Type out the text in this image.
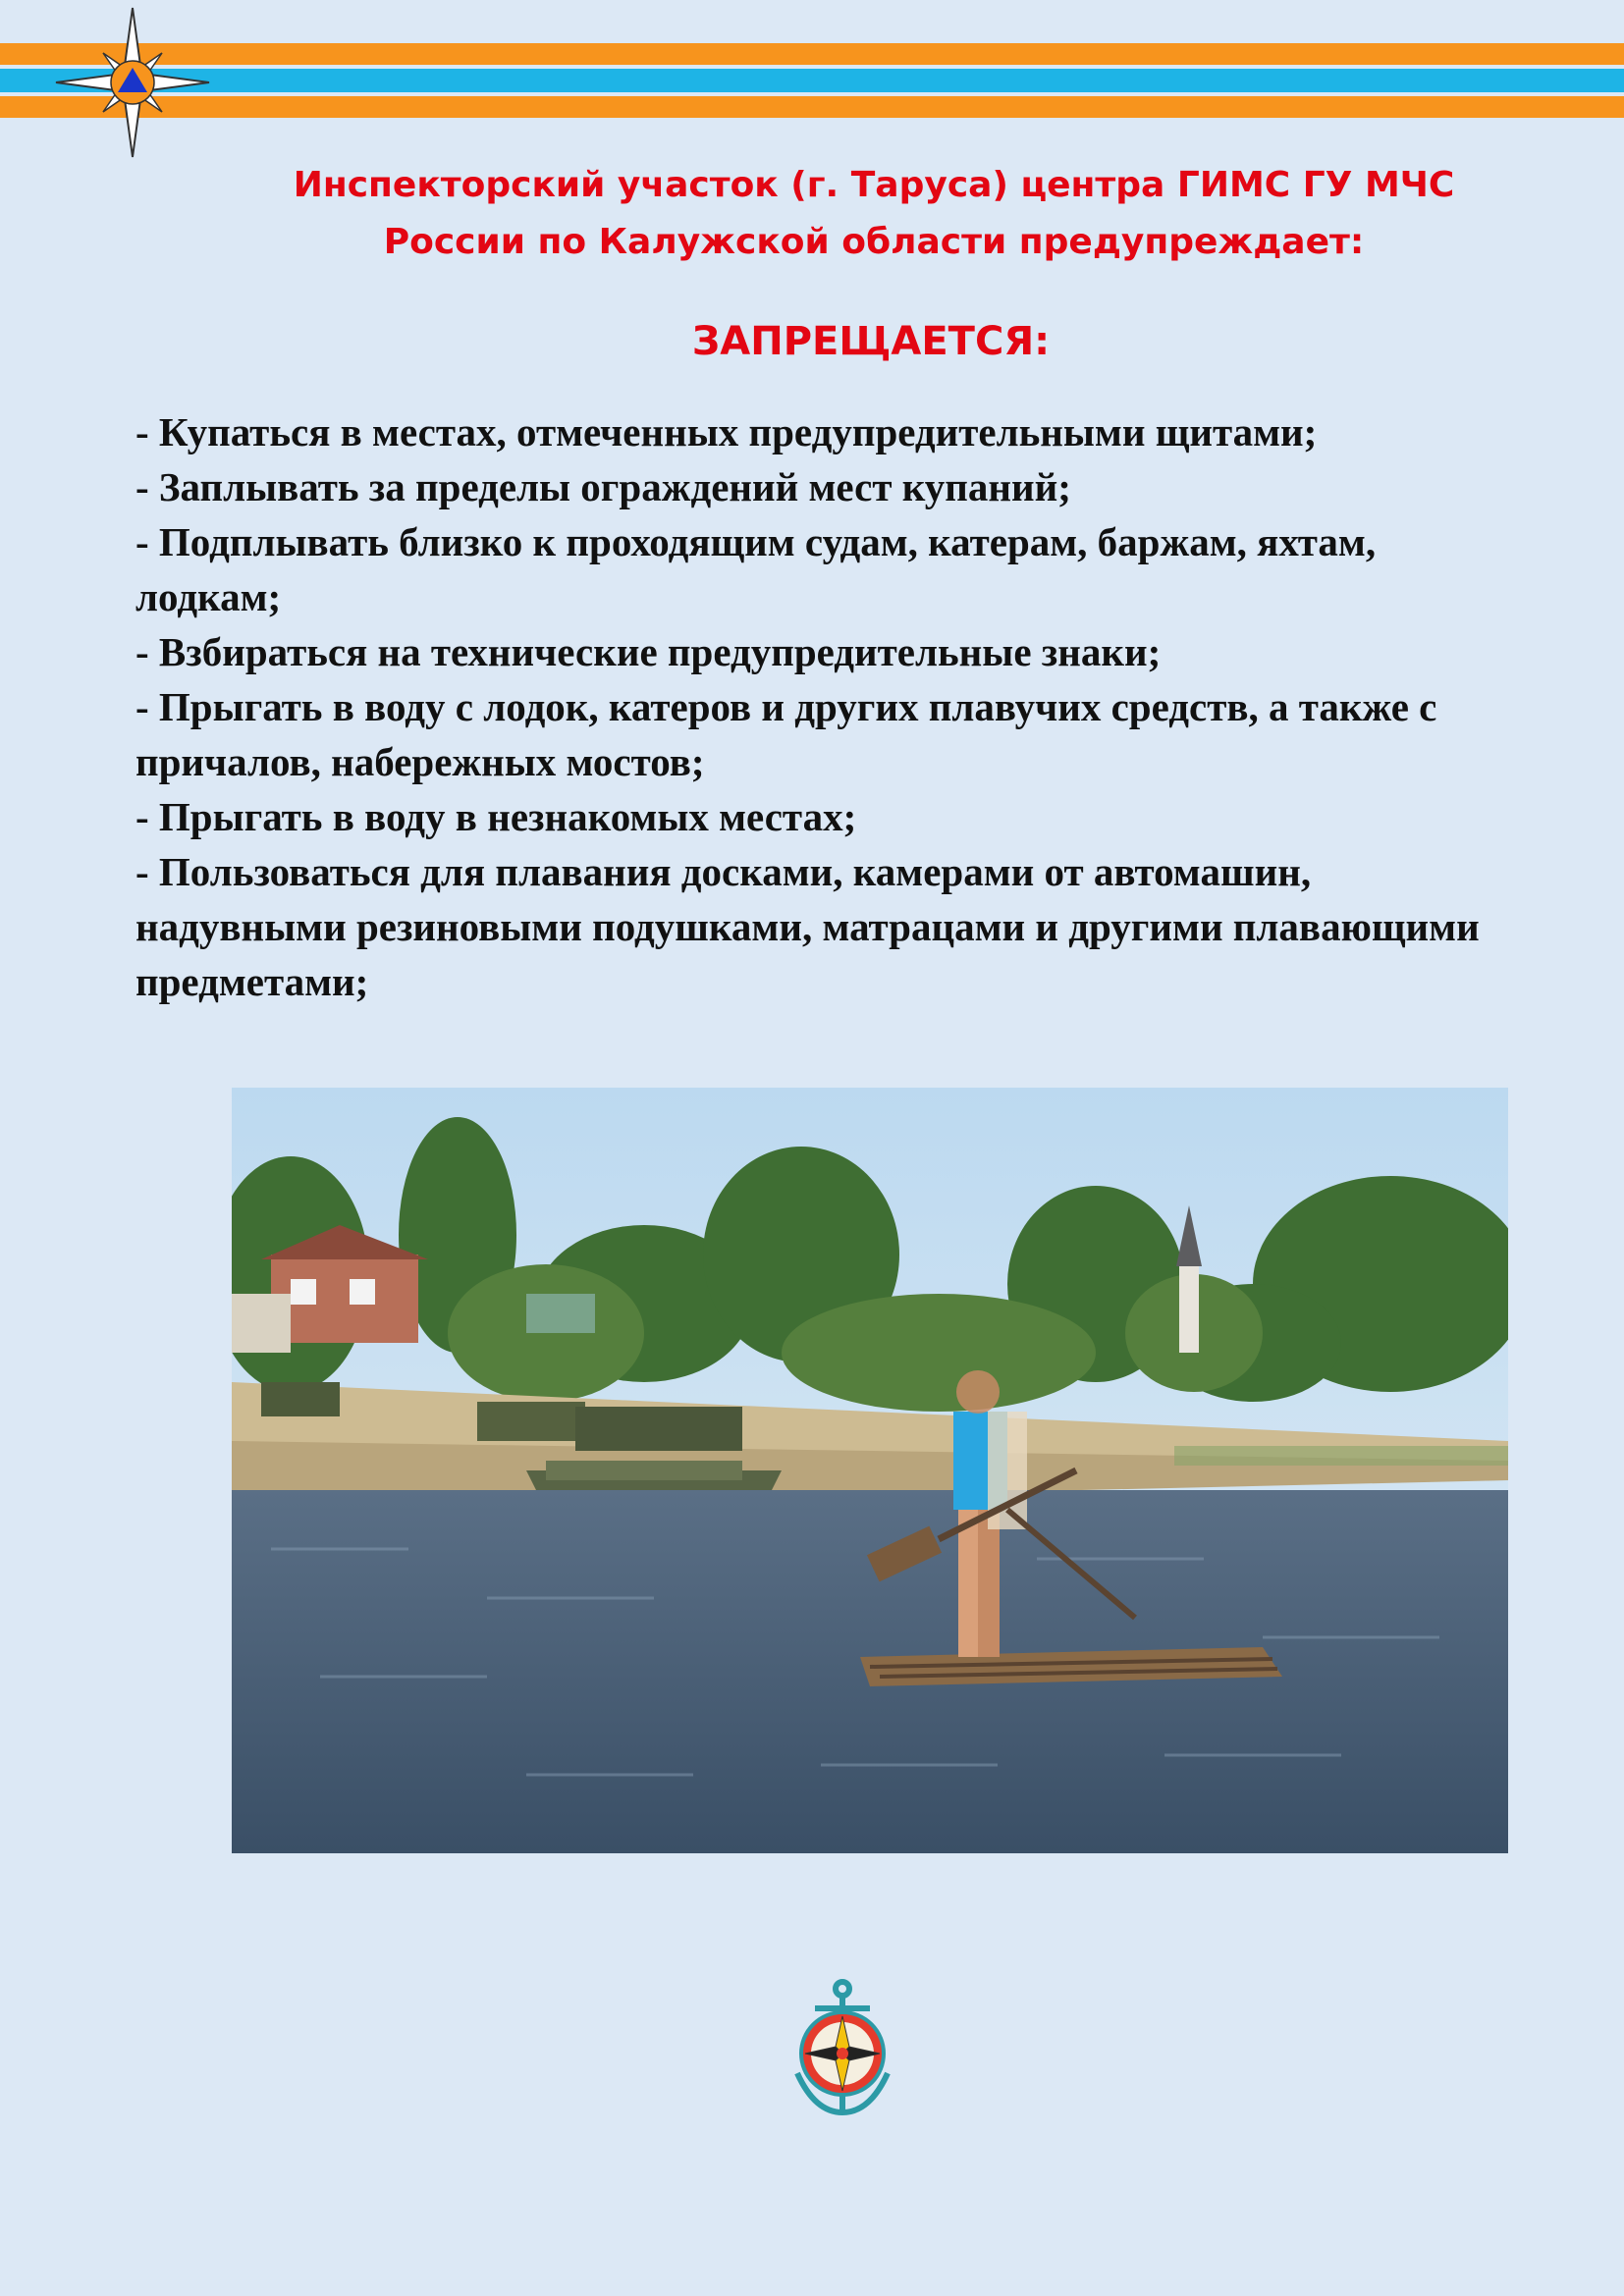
Инспекторский участок (г. Таруса) центра ГИМС ГУ МЧС
России по Калужской области предупреждает:
ЗАПРЕЩАЕТСЯ:
- Купаться в местах, отмеченных предупредительными щитами;
- Заплывать за пределы ограждений мест купаний;
- Подплывать близко к проходящим судам, катерам, баржам, яхтам, лодкам;
- Взбираться на технические предупредительные знаки;
- Прыгать в воду с лодок, катеров и других плавучих средств, а также с причалов, набережных мостов;
- Прыгать в воду в незнакомых местах;
- Пользоваться для плавания досками, камерами от автомашин, надувными резиновыми подушками, матрацами и другими плавающими предметами;
